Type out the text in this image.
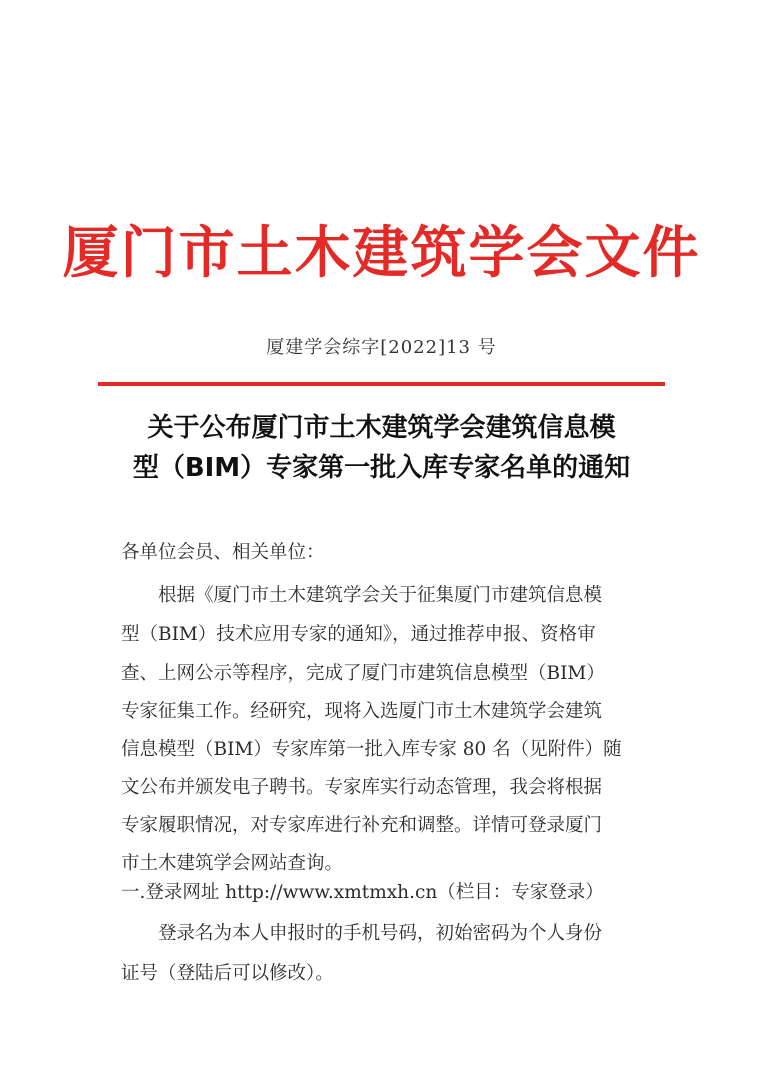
厦门市土木建筑学会文件
厦建学会综字[2022]13 号
关于公布厦门市土木建筑学会建筑信息模
型（BIM）专家第一批入库专家名单的通知
各单位会员、相关单位：
根据《厦门市土木建筑学会关于征集厦门市建筑信息模
型（BIM）技术应用专家的通知》，通过推荐申报、资格审
查、上网公示等程序，完成了厦门市建筑信息模型（BIM）
专家征集工作。经研究，现将入选厦门市土木建筑学会建筑
信息模型（BIM）专家库第一批入库专家 80 名（见附件）随
文公布并颁发电子聘书。专家库实行动态管理，我会将根据
专家履职情况，对专家库进行补充和调整。详情可登录厦门
市土木建筑学会网站查询。
一.登录网址 http://www.xmtmxh.cn（栏目：专家登录）
登录名为本人申报时的手机号码，初始密码为个人身份
证号（登陆后可以修改）。
